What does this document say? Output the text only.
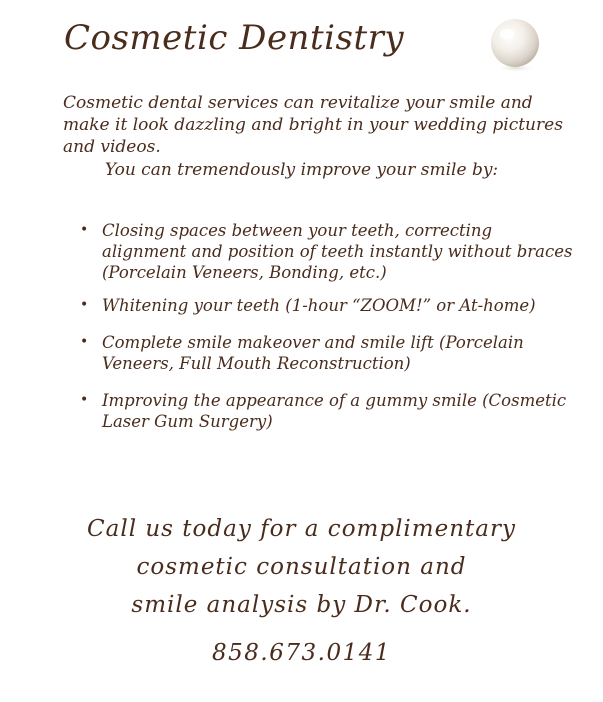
Cosmetic Dentistry
Cosmetic dental services can revitalize your smile and make it look dazzling and bright in your wedding pictures and videos.
You can tremendously improve your smile by:
• Closing spaces between your teeth, correcting alignment and position of teeth instantly without braces (Porcelain Veneers, Bonding, etc.)
• Whitening your teeth (1-hour “ZOOM!” or At-home)
• Complete smile makeover and smile lift (Porcelain Veneers, Full Mouth Reconstruction)
• Improving the appearance of a gummy smile (Cosmetic Laser Gum Surgery)
Call us today for a complimentary
cosmetic consultation and
smile analysis by Dr. Cook.
858.673.0141
